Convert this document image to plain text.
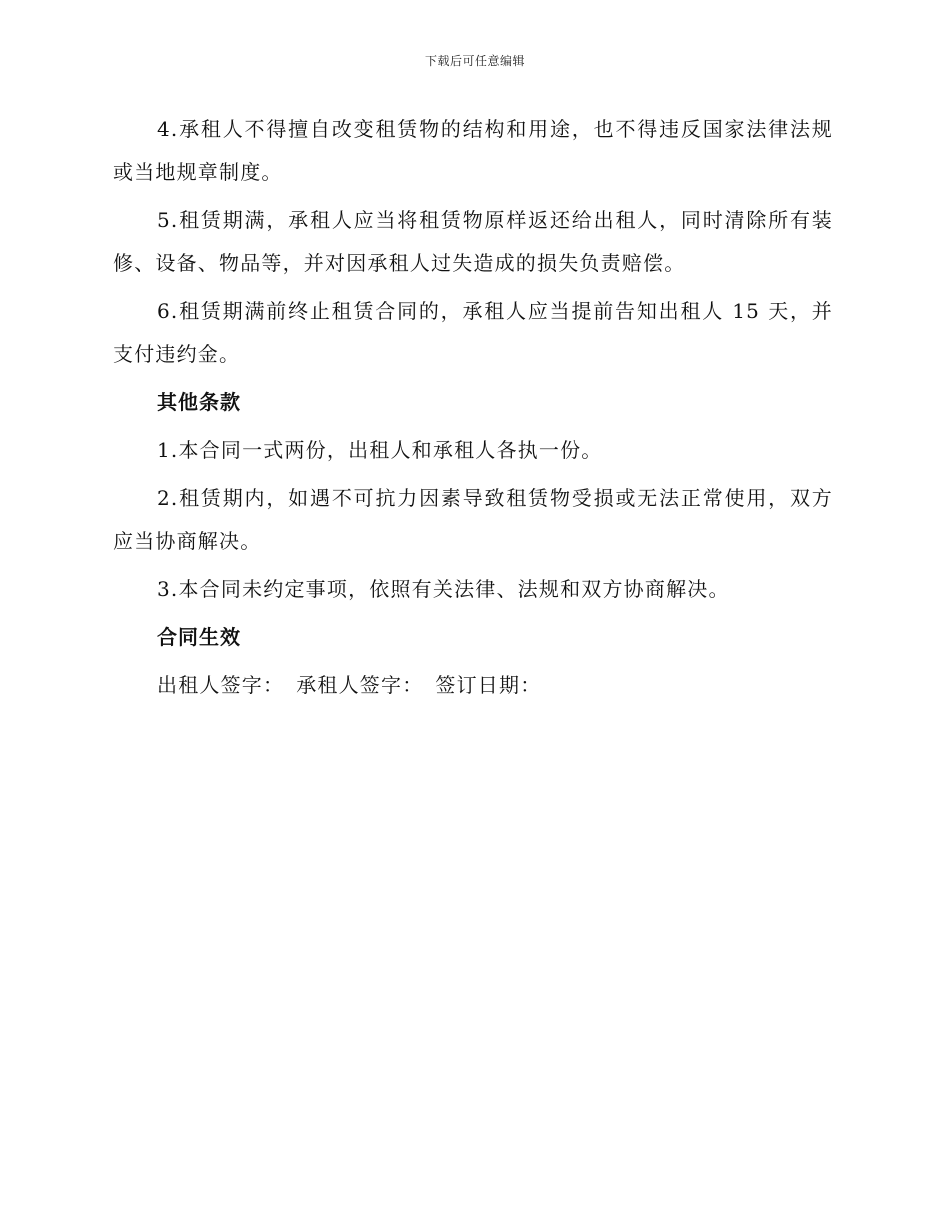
下载后可任意编辑

4.承租人不得擅自改变租赁物的结构和用途，也不得违反国家法律法规或当地规章制度。

5.租赁期满，承租人应当将租赁物原样返还给出租人，同时清除所有装修、设备、物品等，并对因承租人过失造成的损失负责赔偿。

6.租赁期满前终止租赁合同的，承租人应当提前告知出租人 15 天，并支付违约金。

其他条款

1.本合同一式两份，出租人和承租人各执一份。

2.租赁期内，如遇不可抗力因素导致租赁物受损或无法正常使用，双方应当协商解决。

3.本合同未约定事项，依照有关法律、法规和双方协商解决。

合同生效

出租人签字： 承租人签字： 签订日期：
